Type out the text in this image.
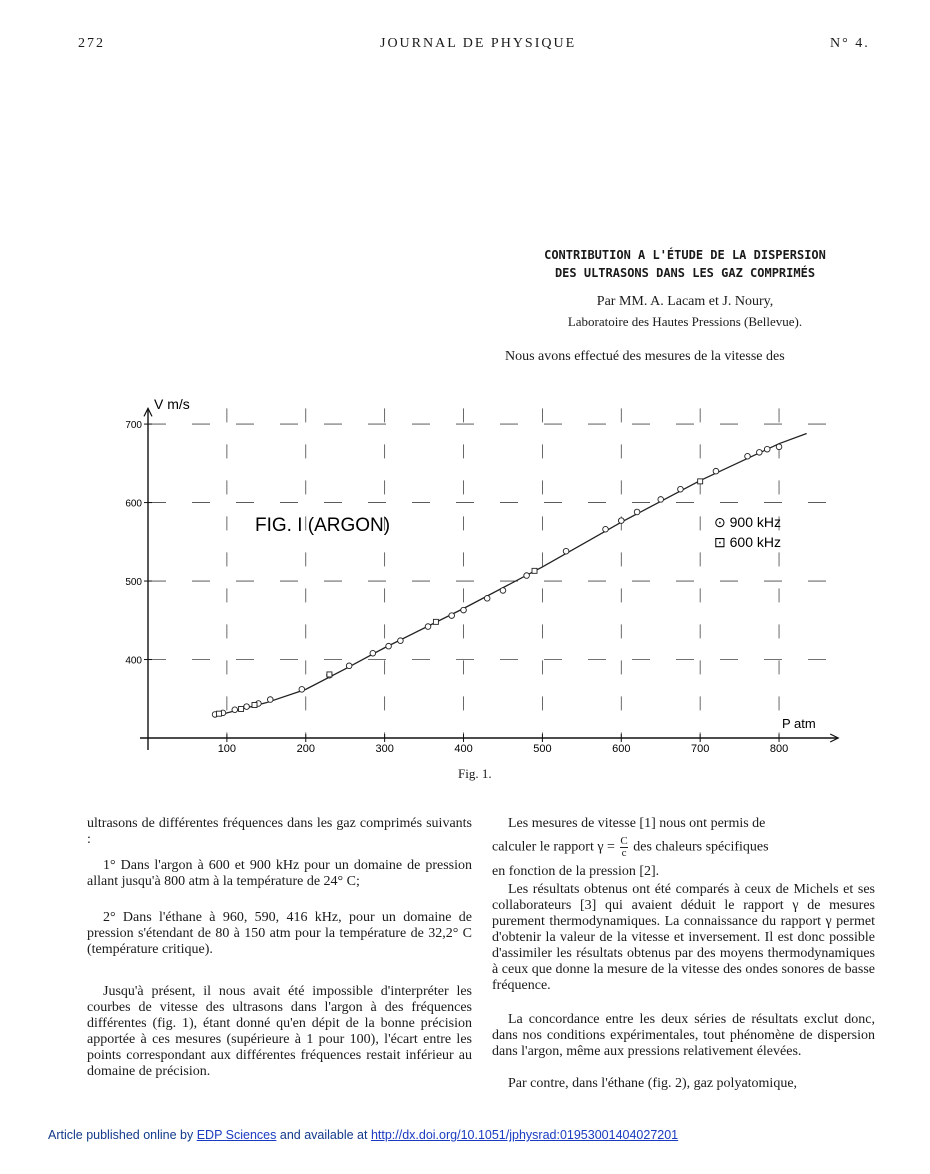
272	JOURNAL DE PHYSIQUE	N° 4.
CONTRIBUTION A L'ÉTUDE DE LA DISPERSION
DES ULTRASONS DANS LES GAZ COMPRIMÉS
Par MM. A. Lacam et J. Noury,
Laboratoire des Hautes Pressions (Bellevue).
Nous avons effectué des mesures de la vitesse des
100	200	300	400	500	600	700	800
400
500
600
700
V m/s
P atm
FIG. I (ARGON)	⊙ 900 kHz
⊡ 600 kHz
Fig. 1.
ultrasons de différentes fréquences dans les gaz comprimés suivants :
1° Dans l'argon à 600 et 900 kHz pour un domaine de pression allant jusqu'à 800 atm à la température de 24° C;
2° Dans l'éthane à 960, 590, 416 kHz, pour un domaine de pression s'étendant de 80 à 150 atm pour la température de 32,2° C (température critique).
Jusqu'à présent, il nous avait été impossible d'interpréter les courbes de vitesse des ultrasons dans l'argon à des fréquences différentes (fig. 1), étant donné qu'en dépit de la bonne précision apportée à ces mesures (supérieure à 1 pour 100), l'écart entre les points correspondant aux différentes fréquences restait inférieur au domaine de précision.
Les mesures de vitesse [1] nous ont permis de
calculer le rapport $\gamma = \frac{C}{c}$ des chaleurs spécifiques
en fonction de la pression [2].
Les résultats obtenus ont été comparés à ceux de Michels et ses collaborateurs [3] qui avaient déduit le rapport γ de mesures purement thermodynamiques. La connaissance du rapport γ permet d'obtenir la valeur de la vitesse et inversement. Il est donc possible d'assimiler les résultats obtenus par des moyens thermodynamiques à ceux que donne la mesure de la vitesse des ondes sonores de basse fréquence.
La concordance entre les deux séries de résultats exclut donc, dans nos conditions expérimentales, tout phénomène de dispersion dans l'argon, même aux pressions relativement élevées.
Par contre, dans l'éthane (fig. 2), gaz polyatomique,
Article published online by EDP Sciences and available at http://dx.doi.org/10.1051/jphysrad:01953001404027201
